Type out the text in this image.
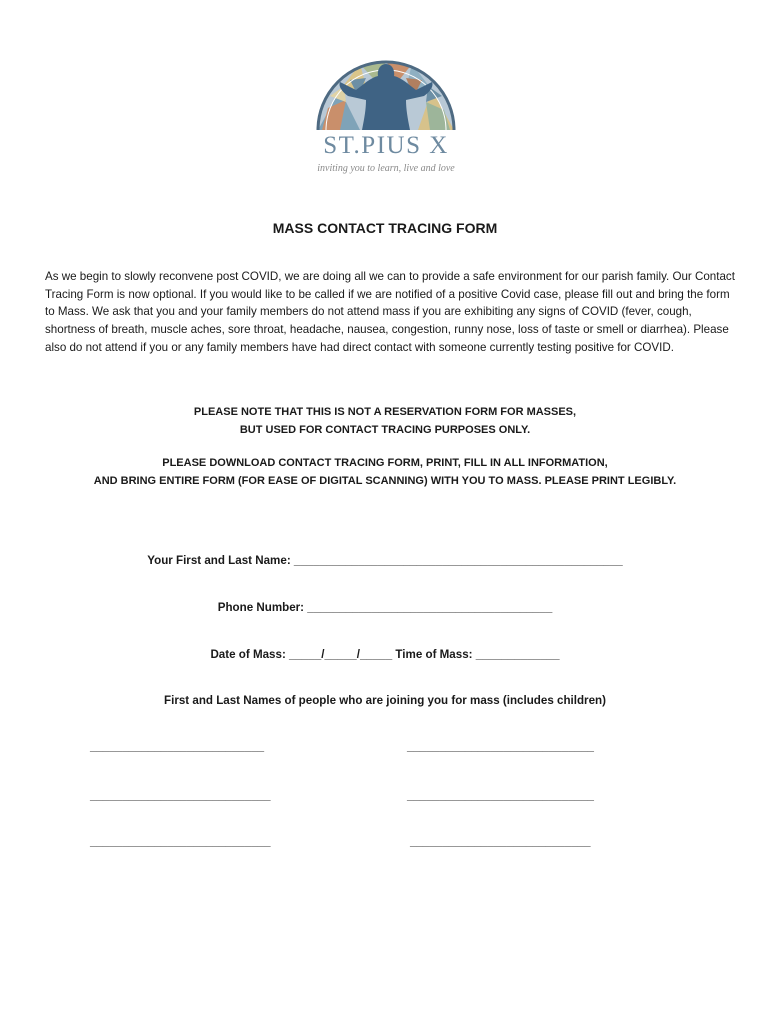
ST.PIUS X
inviting you to learn, live and love
MASS CONTACT TRACING FORM

As we begin to slowly reconvene post COVID, we are doing all we can to provide a safe environment for our parish family. Our Contact Tracing Form is now optional. If you would like to be called if we are notified of a positive Covid case, please fill out and bring the form to Mass. We ask that you and your family members do not attend mass if you are exhibiting any signs of COVID (fever, cough, shortness of breath, muscle aches, sore throat, headache, nausea, congestion, runny nose, loss of taste or smell or diarrhea). Please also do not attend if you or any family members have had direct contact with someone currently testing positive for COVID.

PLEASE NOTE THAT THIS IS NOT A RESERVATION FORM FOR MASSES,
BUT USED FOR CONTACT TRACING PURPOSES ONLY.
PLEASE DOWNLOAD CONTACT TRACING FORM, PRINT, FILL IN ALL INFORMATION,
AND BRING ENTIRE FORM (FOR EASE OF DIGITAL SCANNING) WITH YOU TO MASS. PLEASE PRINT LEGIBLY.
Your First and Last Name: ___________________________________________________
Phone Number: ______________________________________
Date of Mass: _____/_____/_____ Time of Mass: _____________
First and Last Names of people who are joining you for mass (includes children)
___________________________	_____________________________
____________________________	_____________________________
____________________________	____________________________
